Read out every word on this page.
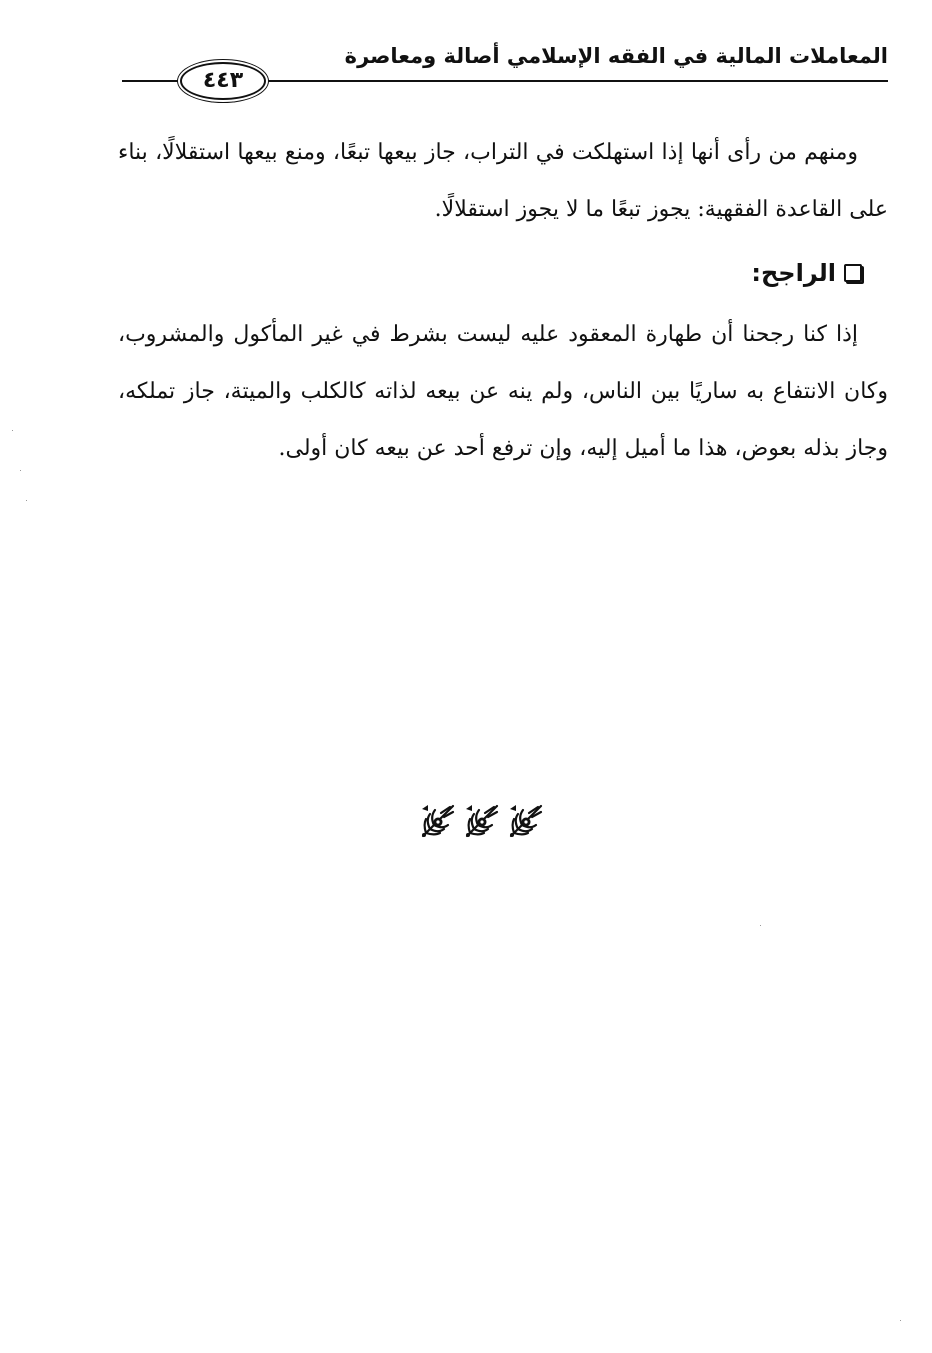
المعاملات المالية في الفقه الإسلامي أصالة ومعاصرة
٤٤٣

ومنهم من رأى أنها إذا استهلكت في التراب، جاز بيعها تبعًا، ومنع بيعها استقلالًا، بناء على القاعدة الفقهية: يجوز تبعًا ما لا يجوز استقلالًا.

الراجح:

إذا كنا رجحنا أن طهارة المعقود عليه ليست بشرط في غير المأكول والمشروب، وكان الانتفاع به ساريًا بين الناس، ولم ينه عن بيعه لذاته كالكلب والميتة، جاز تملكه، وجاز بذله بعوض، هذا ما أميل إليه، وإن ترفع أحد عن بيعه كان أولى.
